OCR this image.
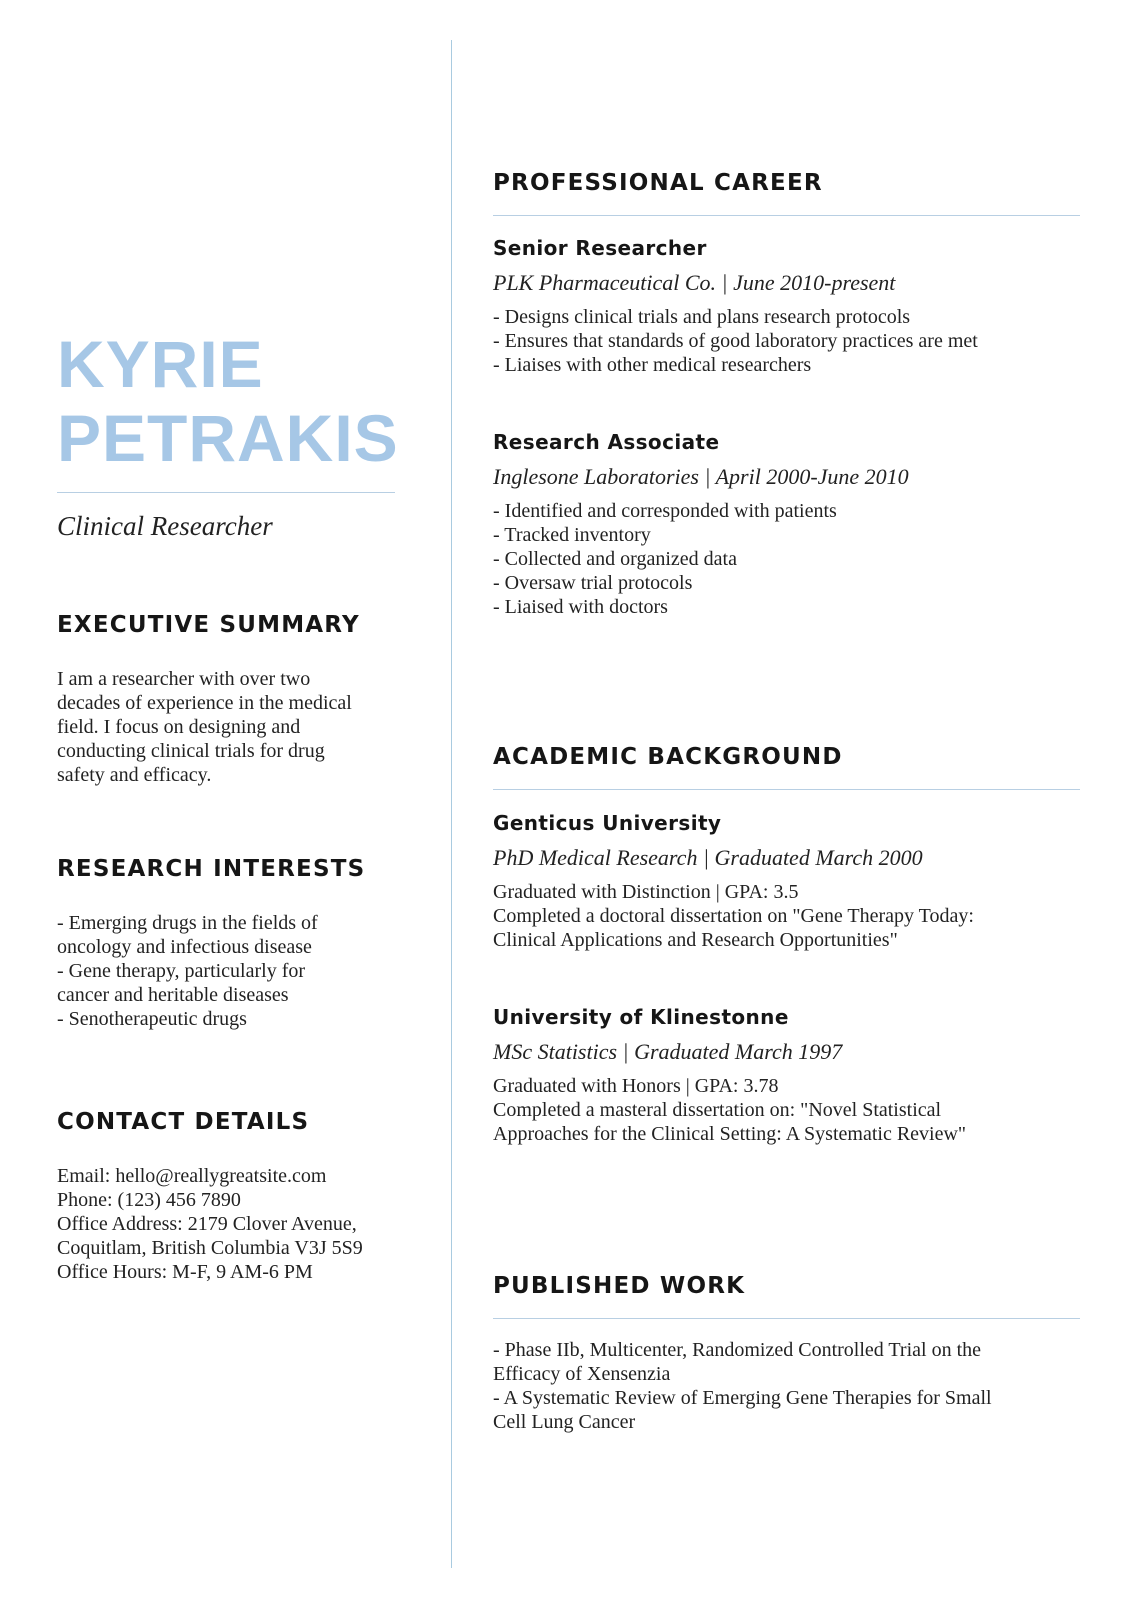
KYRIE
PETRAKIS
Clinical Researcher
EXECUTIVE SUMMARY
I am a researcher with over two
decades of experience in the medical
field. I focus on designing and
conducting clinical trials for drug
safety and efficacy.
RESEARCH INTERESTS
- Emerging drugs in the fields of
oncology and infectious disease
- Gene therapy, particularly for
cancer and heritable diseases
- Senotherapeutic drugs
CONTACT DETAILS
Email: hello@reallygreatsite.com
Phone: (123) 456 7890
Office Address: 2179 Clover Avenue,
Coquitlam, British Columbia V3J 5S9
Office Hours: M-F, 9 AM-6 PM
PROFESSIONAL CAREER
Senior Researcher
PLK Pharmaceutical Co. | June 2010-present
- Designs clinical trials and plans research protocols
- Ensures that standards of good laboratory practices are met
- Liaises with other medical researchers
Research Associate
Inglesone Laboratories | April 2000-June 2010
- Identified and corresponded with patients
- Tracked inventory
- Collected and organized data
- Oversaw trial protocols
- Liaised with doctors
ACADEMIC BACKGROUND
Genticus University
PhD Medical Research | Graduated March 2000
Graduated with Distinction | GPA: 3.5
Completed a doctoral dissertation on "Gene Therapy Today:
Clinical Applications and Research Opportunities"
University of Klinestonne
MSc Statistics | Graduated March 1997
Graduated with Honors | GPA: 3.78
Completed a masteral dissertation on: "Novel Statistical
Approaches for the Clinical Setting: A Systematic Review"
PUBLISHED WORK
- Phase IIb, Multicenter, Randomized Controlled Trial on the
Efficacy of Xensenzia
- A Systematic Review of Emerging Gene Therapies for Small
Cell Lung Cancer
